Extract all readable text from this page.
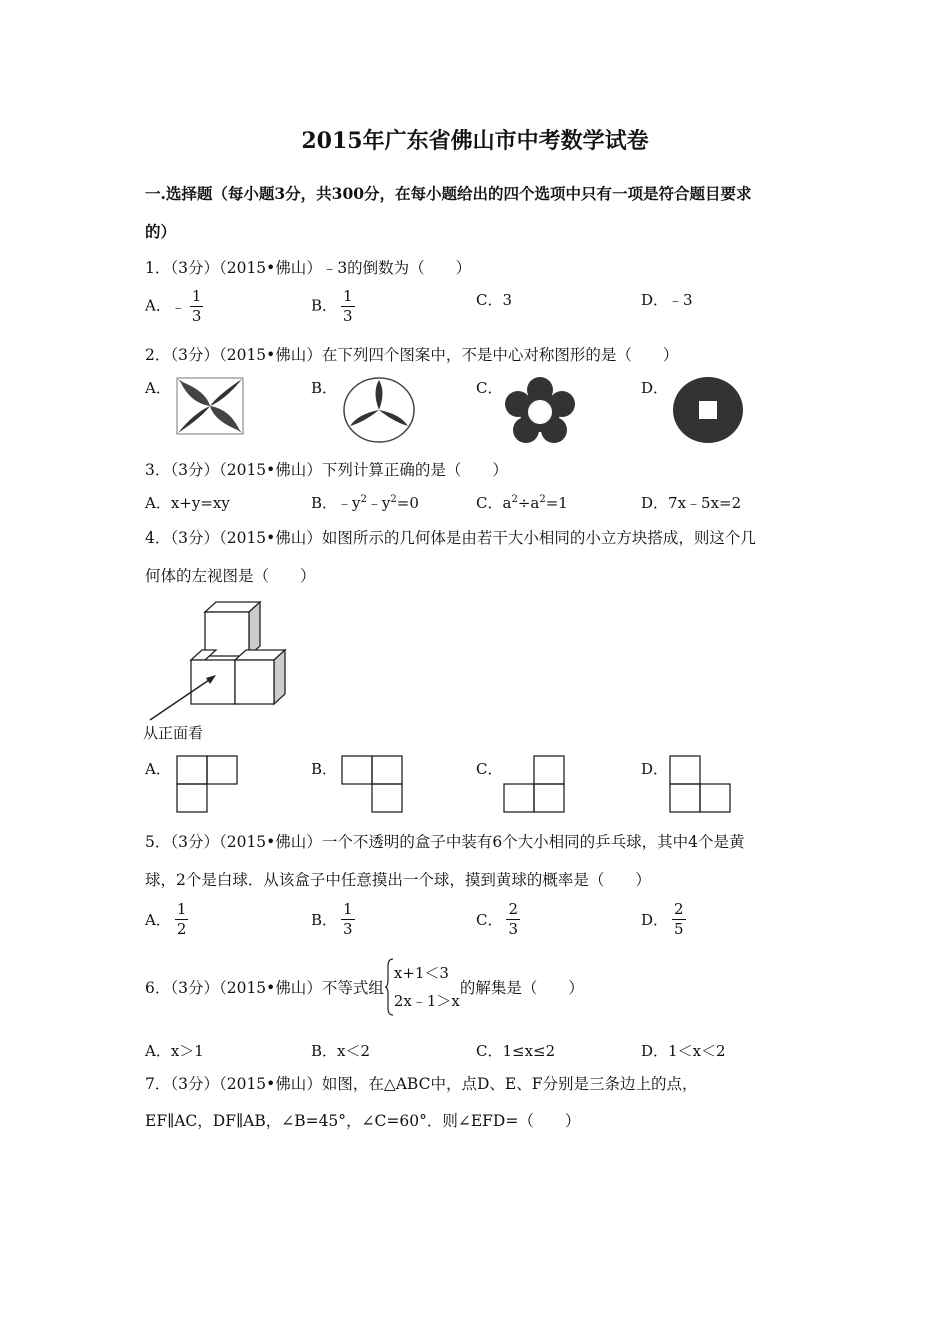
2015年广东省佛山市中考数学试卷
一.选择题（每小题3分，共300分，在每小题给出的四个选项中只有一项是符合题目要求
的）
1．（3分）（2015•佛山）﹣3的倒数为（　　）
A．﹣ $\frac{1}{3}$	B． $\frac{1}{3}$	C．3	D．﹣3
2．（3分）（2015•佛山）在下列四个图案中，不是中心对称图形的是（　　）
A．	B．	C．	D．
3．（3分）（2015•佛山）下列计算正确的是（　　）
A．x+y=xy	B．$﹣y^2﹣y^2=0$	C．$a^2\div a^2=1$	D．7x﹣5x=2
4．（3分）（2015•佛山）如图所示的几何体是由若干大小相同的小立方块搭成，则这个几
何体的左视图是（　　）
从正面看
A．	B．	C．	D．
5．（3分）（2015•佛山）一个不透明的盒子中装有6个大小相同的乒乓球，其中4个是黄
球，2个是白球．从该盒子中任意摸出一个球，摸到黄球的概率是（　　）
A． $\frac{1}{2}$	B． $\frac{1}{3}$	C． $\frac{2}{3}$	D． $\frac{2}{5}$
6．（3分）（2015•佛山）不等式组
x+1＜3
2x﹣1＞x
的解集是（　　）
A．x＞1	B．x＜2	C．1≤x≤2	D．1＜x＜2
7．（3分）（2015•佛山）如图，在△ABC中，点D、E、F分别是三条边上的点，
EF∥AC，DF∥AB，∠B=45°，∠C=60°．则∠EFD=（　　）
